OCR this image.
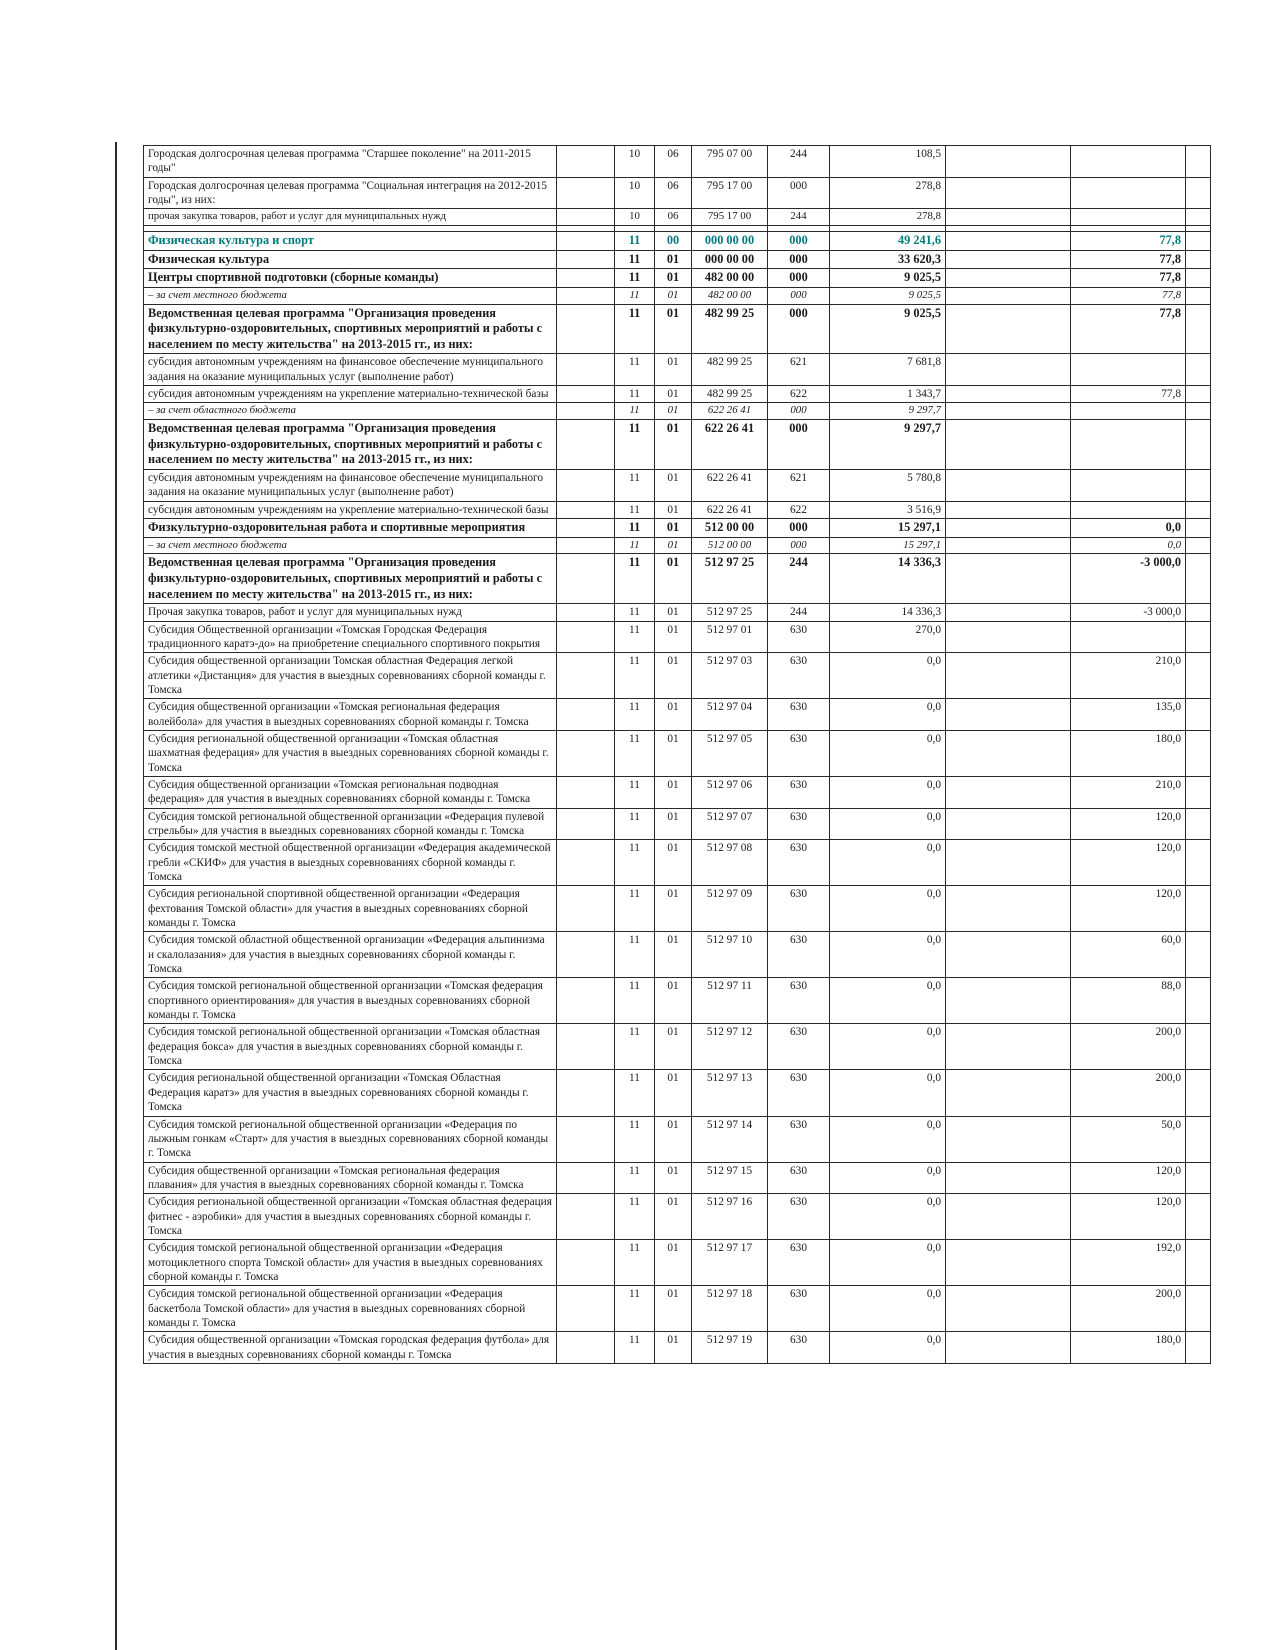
Городская долгосрочная целевая программа "Старшее поколение" на 2011-2015 годы"		10	06	795 07 00	244	108,5			
Городская долгосрочная целевая программа "Социальная интеграция на 2012-2015 годы", из них:		10	06	795 17 00	000	278,8			
прочая закупка товаров, работ и услуг для муниципальных нужд		10	06	795 17 00	244	278,8			

Физическая культура и спорт		11	00	000 00 00	000	49 241,6		77,8	
Физическая культура		11	01	000 00 00	000	33 620,3		77,8	
Центры спортивной подготовки (сборные команды)		11	01	482 00 00	000	9 025,5		77,8	
– за счет местного бюджета		11	01	482 00 00	000	9 025,5		77,8	
Ведомственная целевая программа "Организация проведения физкультурно-оздоровительных, спортивных мероприятий и работы с населением по месту жительства" на 2013-2015 гг., из них:		11	01	482 99 25	000	9 025,5		77,8	
субсидия автономным учреждениям на финансовое обеспечение муниципального задания на оказание муниципальных услуг (выполнение работ)		11	01	482 99 25	621	7 681,8			
субсидия автономным учреждениям на укрепление материально-технической базы		11	01	482 99 25	622	1 343,7		77,8	
– за счет областного бюджета		11	01	622 26 41	000	9 297,7			
Ведомственная целевая программа "Организация проведения физкультурно-оздоровительных, спортивных мероприятий и работы с населением по месту жительства" на 2013-2015 гг., из них:		11	01	622 26 41	000	9 297,7			
субсидия автономным учреждениям на финансовое обеспечение муниципального задания на оказание муниципальных услуг (выполнение работ)		11	01	622 26 41	621	5 780,8			
субсидия автономным учреждениям на укрепление материально-технической базы		11	01	622 26 41	622	3 516,9			
Физкультурно-оздоровительная работа и спортивные мероприятия		11	01	512 00 00	000	15 297,1		0,0	
– за счет местного бюджета		11	01	512 00 00	000	15 297,1		0,0	
Ведомственная целевая программа "Организация проведения физкультурно-оздоровительных, спортивных мероприятий и работы с населением по месту жительства" на 2013-2015 гг., из них:		11	01	512 97 25	244	14 336,3		-3 000,0	
Прочая закупка товаров, работ и услуг для муниципальных нужд		11	01	512 97 25	244	14 336,3		-3 000,0	
Субсидия Общественной организации «Томская Городская Федерация традиционного каратэ-до» на приобретение специального спортивного покрытия		11	01	512 97 01	630	270,0			
Субсидия общественной организации Томская областная Федерация легкой атлетики «Дистанция» для участия в выездных соревнованиях сборной команды г. Томска		11	01	512 97 03	630	0,0		210,0	
Субсидия общественной организации «Томская региональная федерация волейбола» для участия в выездных соревнованиях сборной команды г. Томска		11	01	512 97 04	630	0,0		135,0	
Субсидия региональной общественной организации «Томская областная шахматная федерация» для участия в выездных соревнованиях сборной команды г. Томска		11	01	512 97 05	630	0,0		180,0	
Субсидия общественной организации «Томская региональная подводная федерация» для участия в выездных соревнованиях сборной команды г. Томска		11	01	512 97 06	630	0,0		210,0	
Субсидия томской региональной общественной организации «Федерация пулевой стрельбы» для участия в выездных соревнованиях сборной команды г. Томска		11	01	512 97 07	630	0,0		120,0	
Субсидия томской местной общественной организации «Федерация академической гребли «СКИФ» для участия в выездных соревнованиях сборной команды г. Томска		11	01	512 97 08	630	0,0		120,0	
Субсидия региональной спортивной общественной организации «Федерация фехтования Томской области» для участия в выездных соревнованиях сборной команды г. Томска		11	01	512 97 09	630	0,0		120,0	
Субсидия томской областной общественной организации «Федерация альпинизма и скалолазания» для участия в выездных соревнованиях сборной команды г. Томска		11	01	512 97 10	630	0,0		60,0	
Субсидия томской региональной общественной организации «Томская федерация спортивного ориентирования» для участия в выездных соревнованиях сборной команды г. Томска		11	01	512 97 11	630	0,0		88,0	
Субсидия томской региональной общественной организации «Томская областная федерация бокса» для участия в выездных соревнованиях сборной команды г. Томска		11	01	512 97 12	630	0,0		200,0	
Субсидия региональной общественной организации «Томская Областная Федерация каратэ» для участия в выездных соревнованиях сборной команды г. Томска		11	01	512 97 13	630	0,0		200,0	
Субсидия томской региональной общественной организации «Федерация по лыжным гонкам «Старт» для участия в выездных соревнованиях сборной команды г. Томска		11	01	512 97 14	630	0,0		50,0	
Субсидия общественной организации «Томская региональная федерация плавания» для участия в выездных соревнованиях сборной команды г. Томска		11	01	512 97 15	630	0,0		120,0	
Субсидия региональной общественной организации «Томская областная федерация фитнес - аэробики» для участия в выездных соревнованиях сборной команды г. Томска		11	01	512 97 16	630	0,0		120,0	
Субсидия томской региональной общественной организации «Федерация мотоциклетного спорта Томской области» для участия в выездных соревнованиях сборной команды г. Томска		11	01	512 97 17	630	0,0		192,0	
Субсидия томской региональной общественной организации «Федерация баскетбола Томской области» для участия в выездных соревнованиях сборной команды г. Томска		11	01	512 97 18	630	0,0		200,0	
Субсидия общественной организации «Томская городская федерация футбола» для участия в выездных соревнованиях сборной команды г. Томска		11	01	512 97 19	630	0,0		180,0	
